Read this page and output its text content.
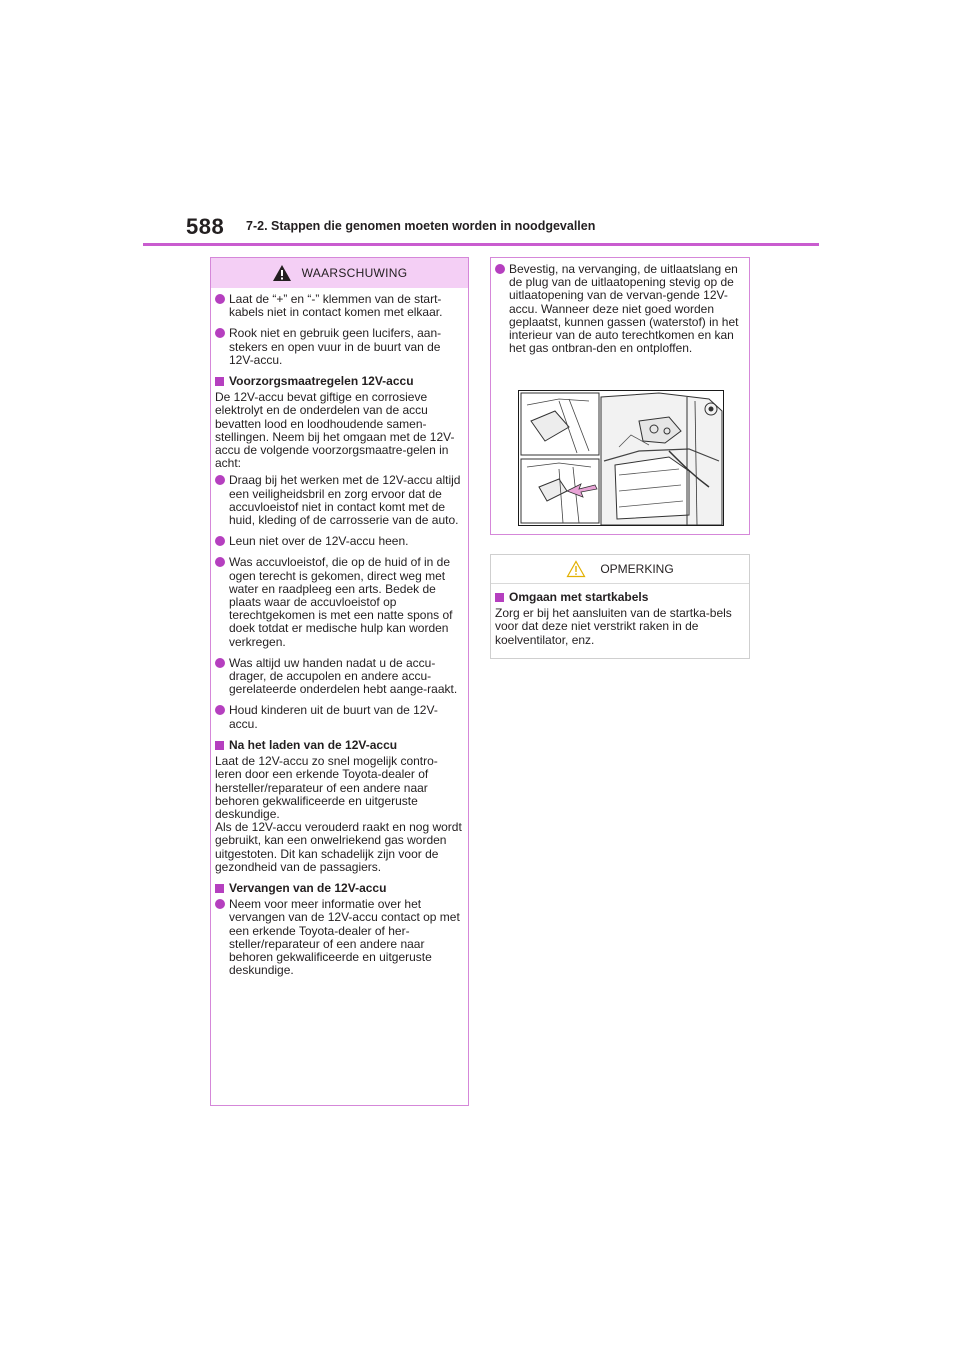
588 7-2. Stappen die genomen moeten worden in noodgevallen
WAARSCHUWING
Laat de “+” en “-” klemmen van de start-kabels niet in contact komen met elkaar.
Rook niet en gebruik geen lucifers, aan-stekers en open vuur in de buurt van de 12V-accu.
Voorzorgsmaatregelen 12V-accu
De 12V-accu bevat giftige en corrosieve elektrolyt en de onderdelen van de accu bevatten lood en loodhoudende samen-stellingen. Neem bij het omgaan met de 12V-accu de volgende voorzorgsmaatre-gelen in acht:
Draag bij het werken met de 12V-accu altijd een veiligheidsbril en zorg ervoor dat de accuvloeistof niet in contact komt met de huid, kleding of de carrosserie van de auto.
Leun niet over de 12V-accu heen.
Was accuvloeistof, die op de huid of in de ogen terecht is gekomen, direct weg met water en raadpleeg een arts. Bedek de plaats waar de accuvloeistof op terechtgekomen is met een natte spons of doek totdat er medische hulp kan worden verkregen.
Was altijd uw handen nadat u de accu-drager, de accupolen en andere accu-gerelateerde onderdelen hebt aange-raakt.
Houd kinderen uit de buurt van de 12V-accu.
Na het laden van de 12V-accu
Laat de 12V-accu zo snel mogelijk contro-leren door een erkende Toyota-dealer of hersteller/reparateur of een andere naar behoren gekwalificeerde en uitgeruste deskundige.
Als de 12V-accu verouderd raakt en nog wordt gebruikt, kan een onwelriekend gas worden uitgestoten. Dit kan schadelijk zijn voor de gezondheid van de passagiers.
Vervangen van de 12V-accu
Neem voor meer informatie over het vervangen van de 12V-accu contact op met een erkende Toyota-dealer of her-steller/reparateur of een andere naar behoren gekwalificeerde en uitgeruste deskundige.
Bevestig, na vervanging, de uitlaatslang en de plug van de uitlaatopening stevig op de uitlaatopening van de vervan-gende 12V-accu. Wanneer deze niet goed worden geplaatst, kunnen gassen (waterstof) in het interieur van de auto terechtkomen en kan het gas ontbran-den en ontploffen.
OPMERKING
Omgaan met startkabels
Zorg er bij het aansluiten van de startka-bels voor dat deze niet verstrikt raken in de koelventilator, enz.
